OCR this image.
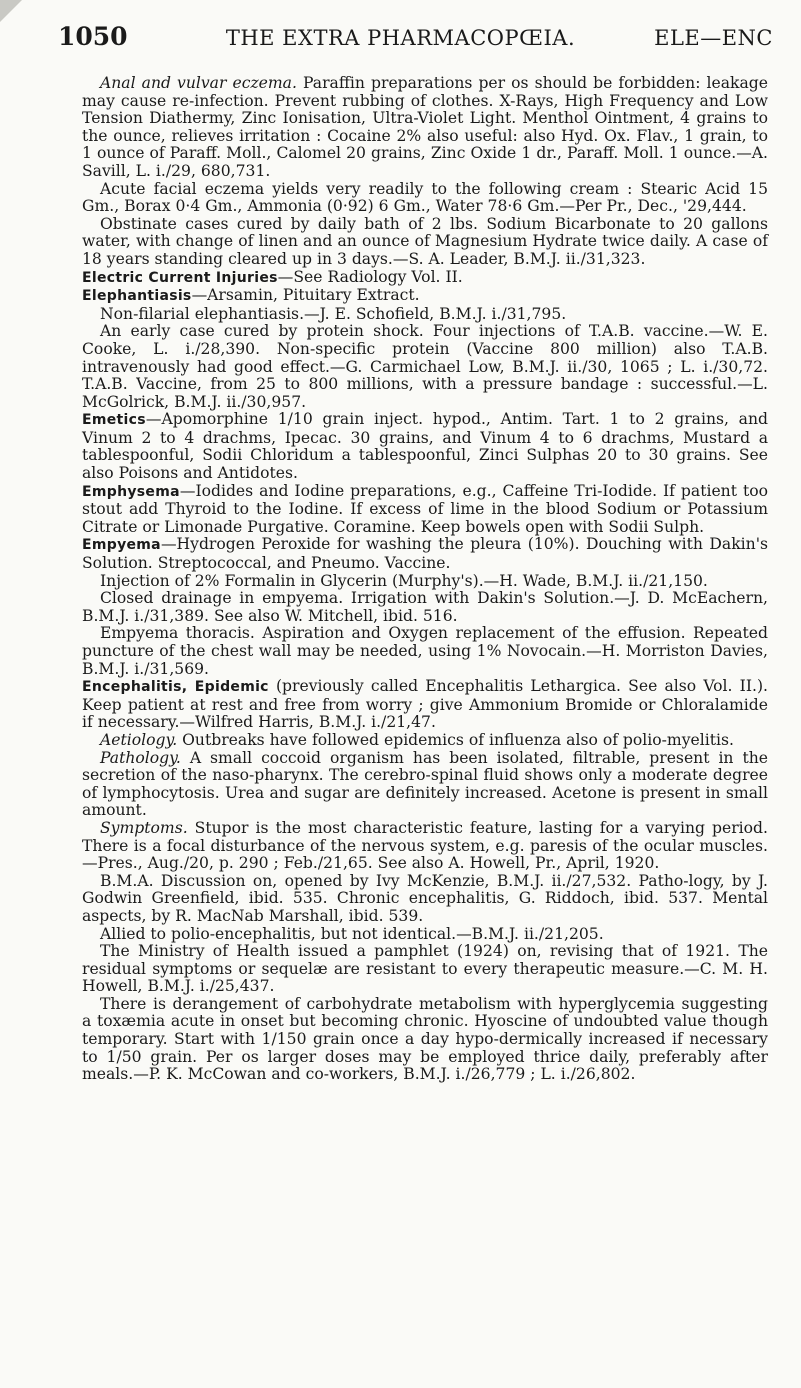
1050	THE EXTRA PHARMACOPŒIA.	ELE—ENC

Anal and vulvar eczema. Paraffin preparations per os should be forbidden: leakage may cause re-infection. Prevent rubbing of clothes. X-Rays, High Frequency and Low Tension Diathermy, Zinc Ionisation, Ultra-Violet Light. Menthol Ointment, 4 grains to the ounce, relieves irritation : Cocaine 2% also useful: also Hyd. Ox. Flav., 1 grain, to 1 ounce of Paraff. Moll., Calomel 20 grains, Zinc Oxide 1 dr., Paraff. Moll. 1 ounce.—A. Savill, L. i./29, 680,731.

Acute facial eczema yields very readily to the following cream : Stearic Acid 15 Gm., Borax 0·4 Gm., Ammonia (0·92) 6 Gm., Water 78·6 Gm.—Per Pr., Dec., '29,444.

Obstinate cases cured by daily bath of 2 lbs. Sodium Bicarbonate to 20 gallons water, with change of linen and an ounce of Magnesium Hydrate twice daily. A case of 18 years standing cleared up in 3 days.—S. A. Leader, B.M.J. ii./31,323.

Electric Current Injuries—See Radiology Vol. II.

Elephantiasis—Arsamin, Pituitary Extract.

Non-filarial elephantiasis.—J. E. Schofield, B.M.J. i./31,795.

An early case cured by protein shock. Four injections of T.A.B. vaccine.—W. E. Cooke, L. i./28,390. Non-specific protein (Vaccine 800 million) also T.A.B. intravenously had good effect.—G. Carmichael Low, B.M.J. ii./30, 1065 ; L. i./30,72. T.A.B. Vaccine, from 25 to 800 millions, with a pressure bandage : successful.—L. McGolrick, B.M.J. ii./30,957.

Emetics—Apomorphine 1/10 grain inject. hypod., Antim. Tart. 1 to 2 grains, and Vinum 2 to 4 drachms, Ipecac. 30 grains, and Vinum 4 to 6 drachms, Mustard a tablespoonful, Sodii Chloridum a tablespoonful, Zinci Sulphas 20 to 30 grains. See also Poisons and Antidotes.

Emphysema—Iodides and Iodine preparations, e.g., Caffeine Tri-Iodide. If patient too stout add Thyroid to the Iodine. If excess of lime in the blood Sodium or Potassium Citrate or Limonade Purgative. Coramine. Keep bowels open with Sodii Sulph.

Empyema—Hydrogen Peroxide for washing the pleura (10%). Douching with Dakin's Solution. Streptococcal, and Pneumo. Vaccine.

Injection of 2% Formalin in Glycerin (Murphy's).—H. Wade, B.M.J. ii./21,150.

Closed drainage in empyema. Irrigation with Dakin's Solution.—J. D. McEachern, B.M.J. i./31,389. See also W. Mitchell, ibid. 516.

Empyema thoracis. Aspiration and Oxygen replacement of the effusion. Repeated puncture of the chest wall may be needed, using 1% Novocain.—H. Morriston Davies, B.M.J. i./31,569.

Encephalitis, Epidemic (previously called Encephalitis Lethargica. See also Vol. II.). Keep patient at rest and free from worry ; give Ammonium Bromide or Chloralamide if necessary.—Wilfred Harris, B.M.J. i./21,47.

Aetiology. Outbreaks have followed epidemics of influenza also of polio-myelitis.

Pathology. A small coccoid organism has been isolated, filtrable, present in the secretion of the naso-pharynx. The cerebro-spinal fluid shows only a moderate degree of lymphocytosis. Urea and sugar are definitely increased. Acetone is present in small amount.

Symptoms. Stupor is the most characteristic feature, lasting for a varying period. There is a focal disturbance of the nervous system, e.g. paresis of the ocular muscles.—Pres., Aug./20, p. 290 ; Feb./21,65. See also A. Howell, Pr., April, 1920.

B.M.A. Discussion on, opened by Ivy McKenzie, B.M.J. ii./27,532. Patho-logy, by J. Godwin Greenfield, ibid. 535. Chronic encephalitis, G. Riddoch, ibid. 537. Mental aspects, by R. MacNab Marshall, ibid. 539.

Allied to polio-encephalitis, but not identical.—B.M.J. ii./21,205.

The Ministry of Health issued a pamphlet (1924) on, revising that of 1921. The residual symptoms or sequelæ are resistant to every therapeutic measure.—C. M. H. Howell, B.M.J. i./25,437.

There is derangement of carbohydrate metabolism with hyperglycemia suggesting a toxæmia acute in onset but becoming chronic. Hyoscine of undoubted value though temporary. Start with 1/150 grain once a day hypo-dermically increased if necessary to 1/50 grain. Per os larger doses may be employed thrice daily, preferably after meals.—P. K. McCowan and co-workers, B.M.J. i./26,779 ; L. i./26,802.
